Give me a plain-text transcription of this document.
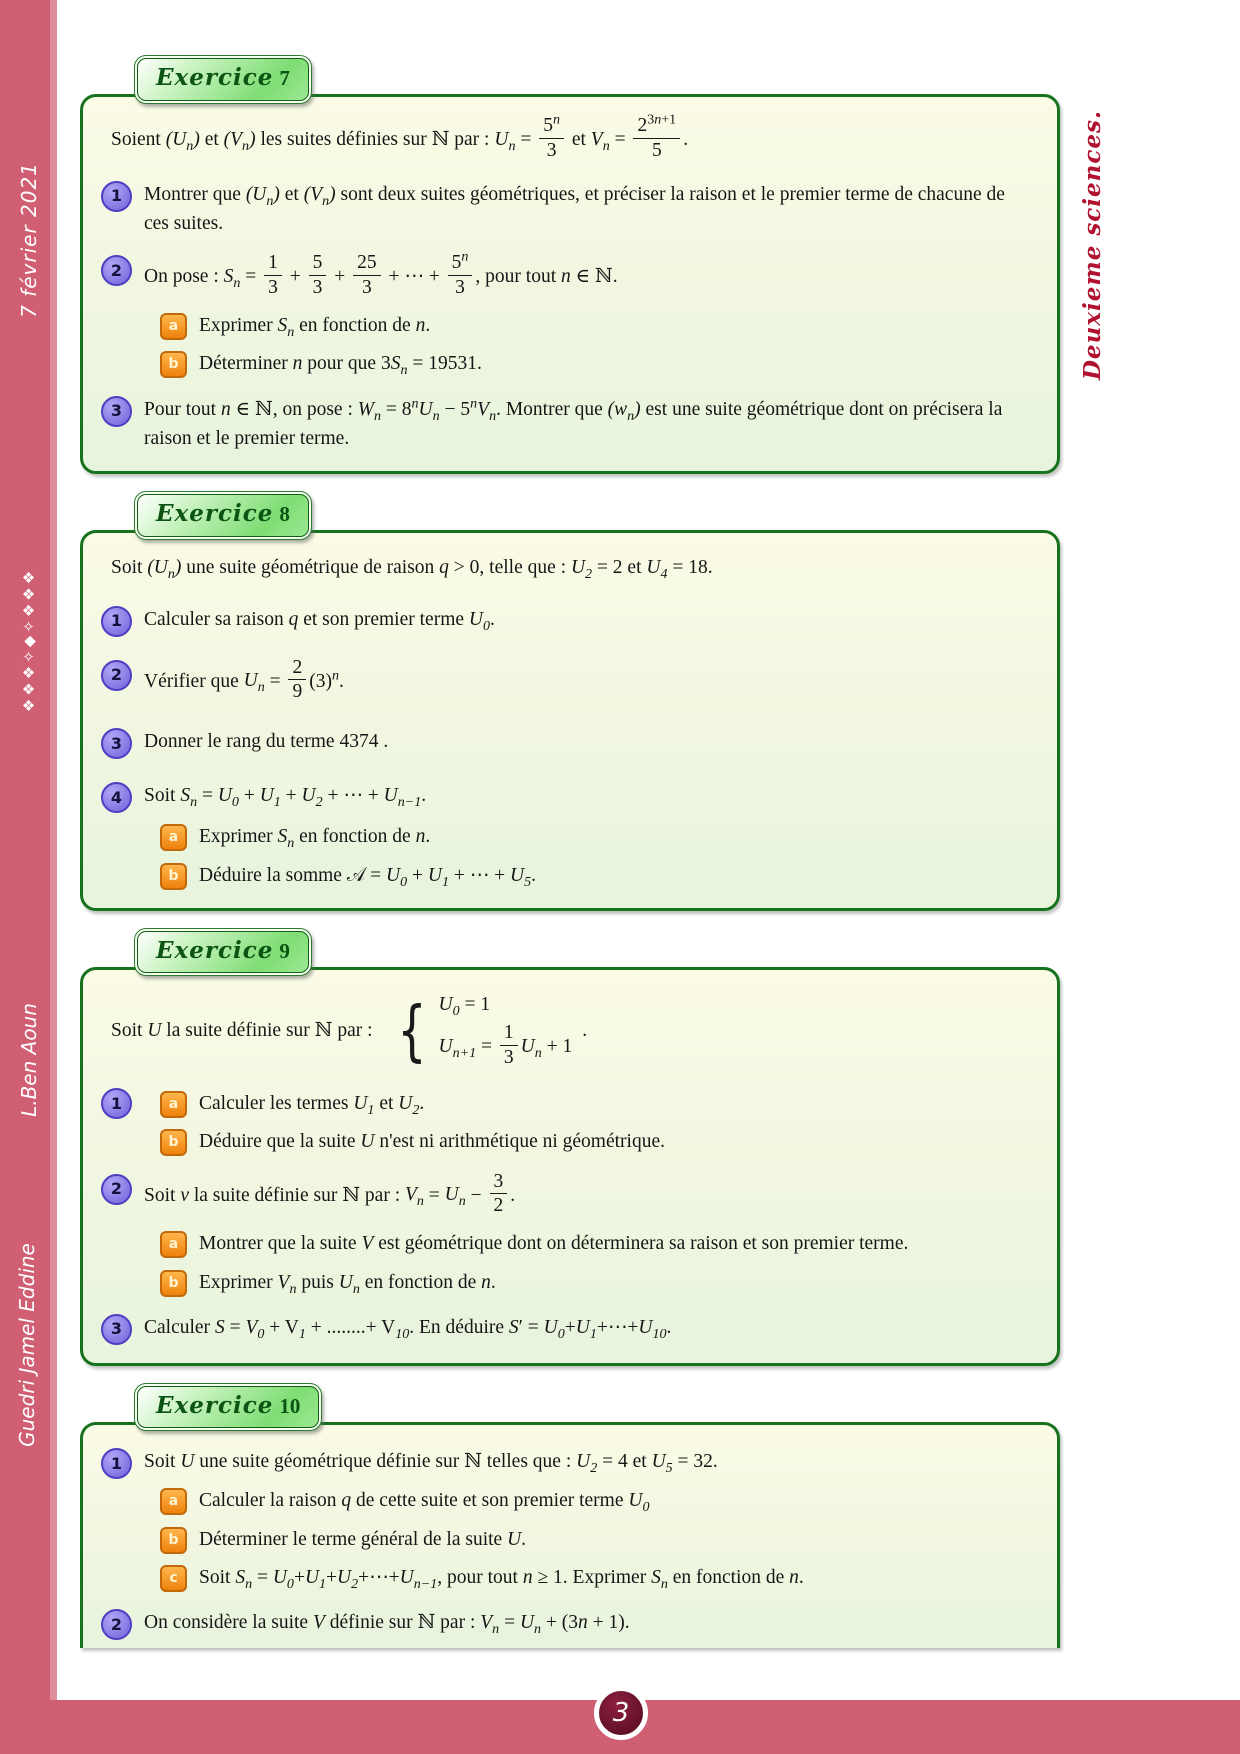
7 février 2021
❖❖❖✧◆✧❖❖❖
L.Ben Aoun
Guedri Jamel Eddine
Deuxieme sciences.
Exercice 7
Soient $(U_n)$ et $(V_n)$ les suites définies sur ℕ par : $U_n = \frac{5^n}{3}$ et $V_n = \frac{2^{3n+1}}{5}$ .
1	Montrer que $(U_n)$ et $(V_n)$ sont deux suites géométriques, et préciser la raison et le premier terme de chacune de ces suites.
2	On pose : $S_n = \frac{1}{3} + \frac{5}{3} + \frac{25}{3}$ + ⋯ + $\frac{5^n}{3}$ , pour tout n ∈ ℕ.
a	Exprimer $S_n$ en fonction de n.
b	Déterminer n pour que $3S_n = 19531$.
3	Pour tout n ∈ ℕ, on pose : $W_n = 8^nU_n - 5^nV_n$. Montrer que $(w_n)$ est une suite géométrique dont on précisera la raison et le premier terme.
Exercice 8
Soit $(U_n)$ une suite géométrique de raison q > 0, telle que : $U_2 = 2$ et $U_4 = 18$.
1	Calculer sa raison q et son premier terme $U_0$.
2	Vérifier que $U_n = \frac{2}{9} (3)^n$.
3	Donner le rang du terme 4374 .
4	Soit $S_n = U_0 + U_1 + U_2$ + ⋯ + $U_{n-1}$.
a	Exprimer $S_n$ en fonction de n.
b	Déduire la somme 𝒜 = $U_0 + U_1$ + ⋯ + $U_5$.
Exercice 9
Soit U la suite définie sur ℕ par : { $U_0 = 1$
$U_{n+1} = \frac{1}{3} U_n + 1$
.
1	a	Calculer les termes $U_1$ et $U_2$.
b	Déduire que la suite U n'est ni arithmétique ni géométrique.
2	Soit v la suite définie sur ℕ par : $V_n = U_n - \frac{3}{2}$ .
a	Montrer que la suite V est géométrique dont on déterminera sa raison et son premier terme.
b	Exprimer $V_n$ puis $U_n$ en fonction de n.
3	Calculer $S = V_0 + V_1$ + ........+ $V_{10}$. En déduire $S' = U_0+U_1+\cdots+U_{10}$.
Exercice 10
1	Soit U une suite géométrique définie sur ℕ telles que : $U_2 = 4$ et $U_5 = 32$.
a	Calculer la raison q de cette suite et son premier terme $U_0$
b	Déterminer le terme général de la suite U.
c	Soit $S_n$ = $U_0+U_1+U_2+\cdots+U_{n-1}$, pour tout n ≥ 1. Exprimer $S_n$ en fonction de n.
2	On considère la suite V définie sur ℕ par : $V_n = U_n + (3n + 1)$.
3
